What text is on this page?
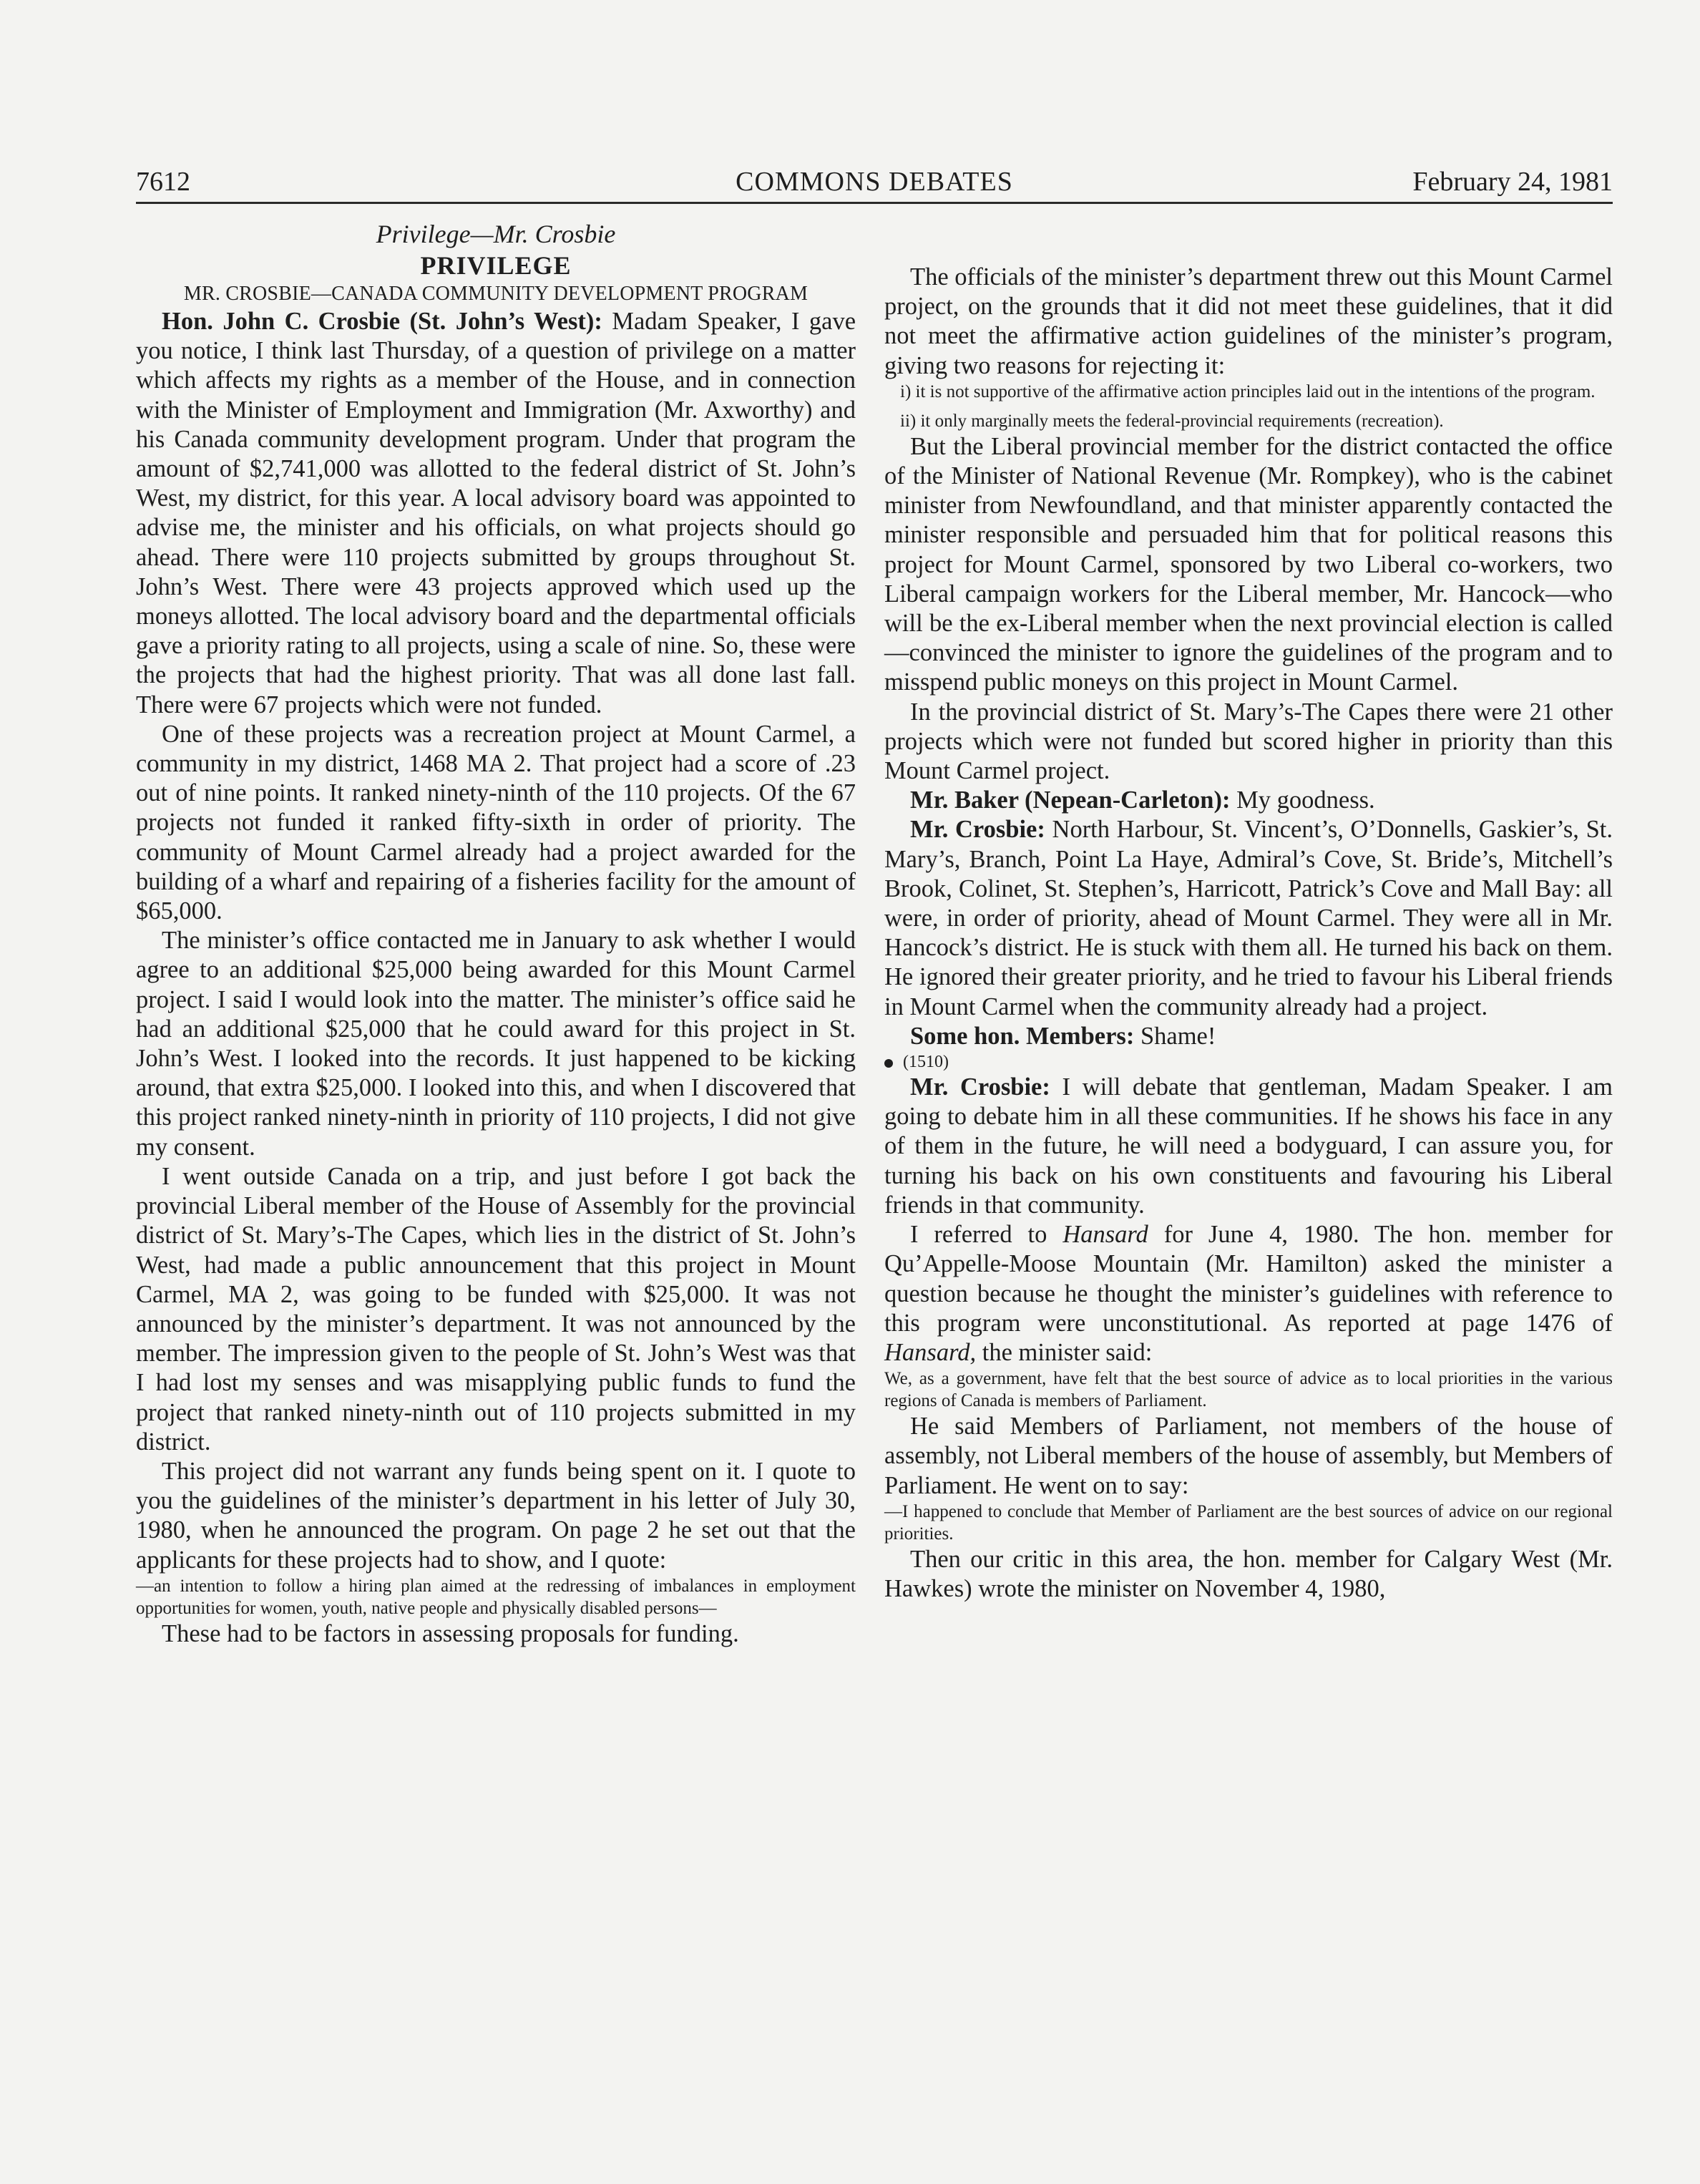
COMMONS DEBATES
7612	February 24, 1981
Privilege—Mr. Crosbie
PRIVILEGE
MR. CROSBIE—CANADA COMMUNITY DEVELOPMENT PROGRAM

Hon. John C. Crosbie (St. John’s West): Madam Speaker, I gave you notice, I think last Thursday, of a question of privilege on a matter which affects my rights as a member of the House, and in connection with the Minister of Employment and Immigration (Mr. Axworthy) and his Canada community development program. Under that program the amount of $2,741,000 was allotted to the federal district of St. John’s West, my district, for this year. A local advisory board was appointed to advise me, the minister and his officials, on what projects should go ahead. There were 110 projects submitted by groups throughout St. John’s West. There were 43 projects approved which used up the moneys allotted. The local advisory board and the departmental officials gave a priority rating to all projects, using a scale of nine. So, these were the projects that had the highest priority. That was all done last fall. There were 67 projects which were not funded.

One of these projects was a recreation project at Mount Carmel, a community in my district, 1468 MA 2. That project had a score of .23 out of nine points. It ranked ninety-ninth of the 110 projects. Of the 67 projects not funded it ranked fifty-sixth in order of priority. The community of Mount Carmel already had a project awarded for the building of a wharf and repairing of a fisheries facility for the amount of $65,000.

The minister’s office contacted me in January to ask whether I would agree to an additional $25,000 being awarded for this Mount Carmel project. I said I would look into the matter. The minister’s office said he had an additional $25,000 that he could award for this project in St. John’s West. I looked into the records. It just happened to be kicking around, that extra $25,000. I looked into this, and when I discovered that this project ranked ninety-ninth in priority of 110 projects, I did not give my consent.

I went outside Canada on a trip, and just before I got back the provincial Liberal member of the House of Assembly for the provincial district of St. Mary’s-The Capes, which lies in the district of St. John’s West, had made a public announcement that this project in Mount Carmel, MA 2, was going to be funded with $25,000. It was not announced by the minister’s department. It was not announced by the member. The impression given to the people of St. John’s West was that I had lost my senses and was misapplying public funds to fund the project that ranked ninety-ninth out of 110 projects submitted in my district.

This project did not warrant any funds being spent on it. I quote to you the guidelines of the minister’s department in his letter of July 30, 1980, when he announced the program. On page 2 he set out that the applicants for these projects had to show, and I quote:

—an intention to follow a hiring plan aimed at the redressing of imbalances in employment opportunities for women, youth, native people and physically disabled persons—

These had to be factors in assessing proposals for funding.

The officials of the minister’s department threw out this Mount Carmel project, on the grounds that it did not meet these guidelines, that it did not meet the affirmative action guidelines of the minister’s program, giving two reasons for rejecting it:

i) it is not supportive of the affirmative action principles laid out in the intentions of the program.

ii) it only marginally meets the federal-provincial requirements (recreation).

But the Liberal provincial member for the district contacted the office of the Minister of National Revenue (Mr. Rompkey), who is the cabinet minister from Newfoundland, and that minister apparently contacted the minister responsible and persuaded him that for political reasons this project for Mount Carmel, sponsored by two Liberal co-workers, two Liberal campaign workers for the Liberal member, Mr. Hancock—who will be the ex-Liberal member when the next provincial election is called—convinced the minister to ignore the guidelines of the program and to misspend public moneys on this project in Mount Carmel.

In the provincial district of St. Mary’s-The Capes there were 21 other projects which were not funded but scored higher in priority than this Mount Carmel project.

Mr. Baker (Nepean-Carleton): My goodness.

Mr. Crosbie: North Harbour, St. Vincent’s, O’Donnells, Gaskier’s, St. Mary’s, Branch, Point La Haye, Admiral’s Cove, St. Bride’s, Mitchell’s Brook, Colinet, St. Stephen’s, Harricott, Patrick’s Cove and Mall Bay: all were, in order of priority, ahead of Mount Carmel. They were all in Mr. Hancock’s district. He is stuck with them all. He turned his back on them. He ignored their greater priority, and he tried to favour his Liberal friends in Mount Carmel when the community already had a project.

Some hon. Members: Shame!

(1510)

Mr. Crosbie: I will debate that gentleman, Madam Speaker. I am going to debate him in all these communities. If he shows his face in any of them in the future, he will need a bodyguard, I can assure you, for turning his back on his own constituents and favouring his Liberal friends in that community.

I referred to Hansard for June 4, 1980. The hon. member for Qu’Appelle-Moose Mountain (Mr. Hamilton) asked the minister a question because he thought the minister’s guidelines with reference to this program were unconstitutional. As reported at page 1476 of Hansard, the minister said:

We, as a government, have felt that the best source of advice as to local priorities in the various regions of Canada is members of Parliament.

He said Members of Parliament, not members of the house of assembly, not Liberal members of the house of assembly, but Members of Parliament. He went on to say:

—I happened to conclude that Member of Parliament are the best sources of advice on our regional priorities.

Then our critic in this area, the hon. member for Calgary West (Mr. Hawkes) wrote the minister on November 4, 1980,
